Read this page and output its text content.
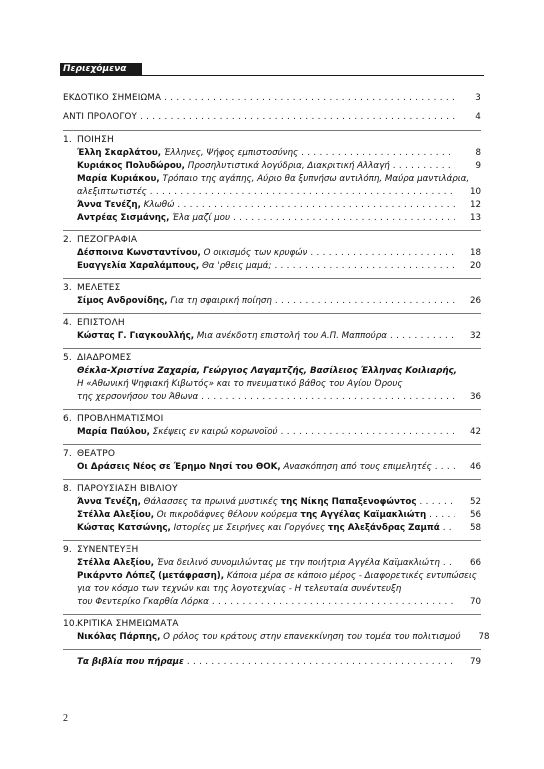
Περιεχόμενα
ΕΚΔΟΤΙΚΟ ΣΗΜΕΙΩΜΑ . . .	3
ΑΝΤΙ ΠΡΟΛΟΓΟΥ . . .	4
1. ΠΟΙΗΣΗ
Έλλη Σκαρλάτου, Έλληνες, Ψήφος εμπιστοσύνης . . .	8
Κυριάκος Πολυδώρου, Προσηλυτιστικά λογύδρια, Διακριτική Αλλαγή . . .	9
Μαρία Κυριάκου, Τρόπαιο της αγάπης, Αύριο θα ξυπνήσω αντιλόπη, Μαύρα μαντιλάρια,
αλεξιπτωτιστές . . .	10
Άννα Τενέζη, Κλωθώ . . .	12
Αντρέας Σισμάνης, Έλα μαζί μου . . .	13
2. ΠΕΖΟΓΡΑΦΙΑ
Δέσποινα Κωνσταντίνου, Ο οικισμός των κρυφών . . .	18
Ευαγγελία Χαραλάμπους, Θα 'ρθεις μαμά; . . .	20
3. ΜΕΛΕΤΕΣ
Σίμος Ανδρονίδης, Για τη σφαιρική ποίηση . . .	26
4. ΕΠΙΣΤΟΛΗ
Κώστας Γ. Γιαγκουλλής, Μια ανέκδοτη επιστολή του Α.Π. Μαππούρα . . .	32
5. ΔΙΑΔΡΟΜΕΣ
Θέκλα-Χριστίνα Ζαχαρία, Γεώργιος Λαγαμτζής, Βασίλειος Έλληνας Κοιλιαρής,
Η «Αθωνική Ψηφιακή Κιβωτός» και το πνευματικό βάθος του Αγίου Όρους
της χερσονήσου του Άθωνα . . .	36
6. ΠΡΟΒΛΗΜΑΤΙΣΜΟΙ
Μαρία Παύλου, Σκέψεις εν καιρώ κορωνοϊού . . .	42
7. ΘΕΑΤΡΟ
Οι Δράσεις Νέος σε Έρημο Νησί του ΘΟΚ, Ανασκόπηση από τους επιμελητές . . .	46
8. ΠΑΡΟΥΣΙΑΣΗ ΒΙΒΛΙΟΥ
Άννα Τενέζη, Θάλασσες τα πρωινά μυστικές της Νίκης Παπαξενοφώντος . . .	52
Στέλλα Αλεξίου, Οι πικροδάφνες θέλουν κούρεμα της Αγγέλας Καϊμακλιώτη . . .	56
Κώστας Κατσώνης, Ιστορίες με Σειρήνες και Γοργόνες της Αλεξάνδρας Ζαμπά . . .	58
9. ΣΥΝΕΝΤΕΥΞΗ
Στέλλα Αλεξίου, Ένα δειλινό συνομιλώντας με την ποιήτρια Αγγέλα Καϊμακλιώτη . . .	66
Ρικάρντο Λόπεζ (μετάφραση), Κάποια μέρα σε κάποιο μέρος - Διαφορετικές εντυπώσεις
για τον κόσμο των τεχνών και της λογοτεχνίας - Η τελευταία συνέντευξη
του Φεντερίκο Γκαρθία Λόρκα . . .	70
10. ΚΡΙΤΙΚΑ ΣΗΜΕΙΩΜΑΤΑ
Νικόλας Πάρπης, Ο ρόλος του κράτους στην επανεκκίνηση του τομέα του πολιτισμού	78
Τα βιβλία που πήραμε . . .	79
2
